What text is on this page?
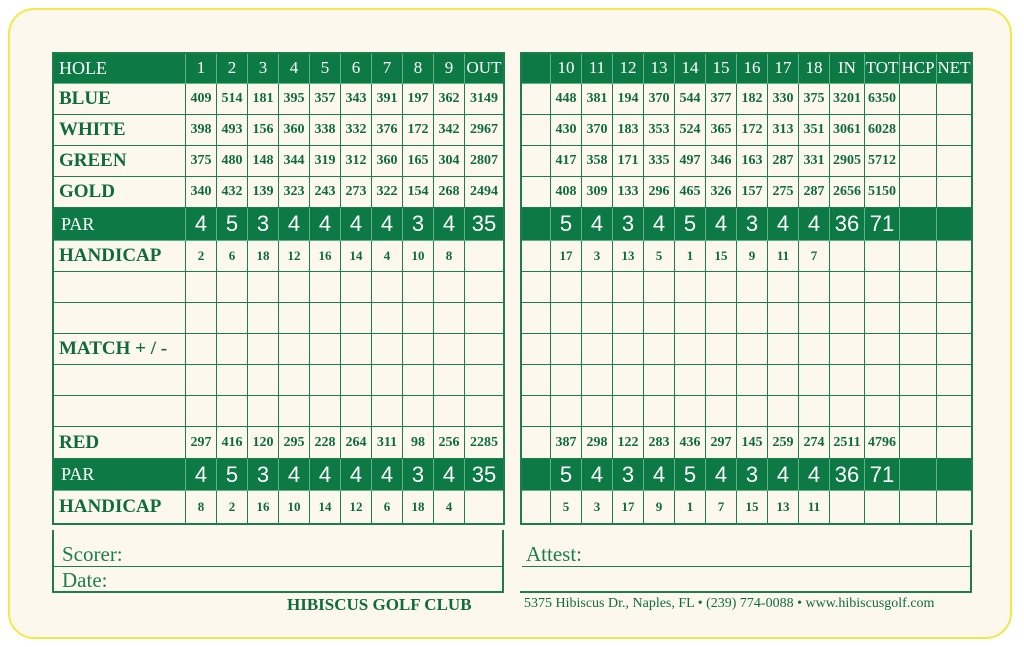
HOLE	1	2	3	4	5	6	7	8	9 OUT
BLUE	409 514 181 395 357 343 391 197 362 3149
WHITE	398 493 156 360 338 332 376 172 342 2967
GREEN	375 480 148 344 319 312 360 165 304 2807
GOLD	340 432 139 323 243 273 322 154 268 2494
PAR	4 5 3 4 4 4 4 3 4 35
HANDICAP	2	6	18	12	16	14	4	10	8
MATCH + / -
RED	297 416 120 295 228 264 311 98 256 2285
PAR	4 5 3 4 4 4 4 3 4 35
HANDICAP	8	2	16	10	14	12	6	18	4
10 11 12 13 14 15 16 17 18 IN TOT HCP NET
448 381 194 370 544 377 182 330 375 3201 6350
430 370 183 353 524 365 172 313 351 3061 6028
417 358 171 335 497 346 163 287 331 2905 5712
408 309 133 296 465 326 157 275 287 2656 5150
5 4 3 4 5 4 3 4 4 36 71
17	3	13	5	1	15	9	11	7
387 298 122 283 436 297 145 259 274 2511 4796
5 4 3 4 5 4 3 4 4 36 71
5	3	17	9	1	7	15	13	11
Scorer:	Attest:
Date:
HIBISCUS GOLF CLUB	5375 Hibiscus Dr., Naples, FL • (239) 774-0088 • www.hibiscusgolf.com
